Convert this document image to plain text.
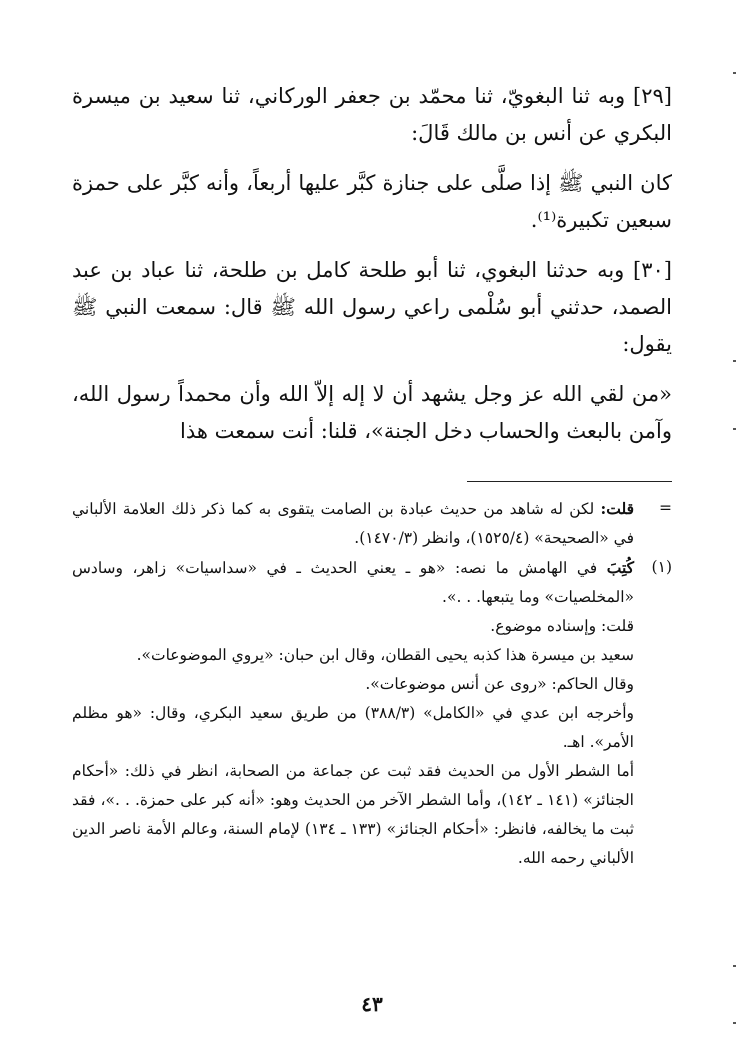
[٢٩] وبه ثنا البغويّ، ثنا محمّد بن جعفر الوركاني، ثنا سعيد بن ميسرة البكري عن أنس بن مالك قَالَ:

كان النبي ﷺ إذا صلَّى على جنازة كبَّر عليها أربعاً، وأنه كبَّر على حمزة سبعين تكبيرة⁽¹⁾.

[٣٠] وبه حدثنا البغوي، ثنا أبو طلحة كامل بن طلحة، ثنا عباد بن عبد الصمد، حدثني أبو سُلْمى راعي رسول الله ﷺ قال: سمعت النبي ﷺ يقول:

«من لقي الله عز وجل يشهد أن لا إله إلاّ الله وأن محمداً رسول الله، وآمن بالبعث والحساب دخل الجنة»، قلنا: أنت سمعت هذا

=

قلت: لكن له شاهد من حديث عبادة بن الصامت يتقوى به كما ذكر ذلك العلامة الألباني في «الصحيحة» (١٥٢٥/٤)، وانظر (١٤٧٠/٣).

(١)

كُتِبَ في الهامش ما نصه: «هو ـ يعني الحديث ـ في «سداسيات» زاهر، وسادس «المخلصيات» وما يتبعها. . .».

قلت: وإسناده موضوع.

سعيد بن ميسرة هذا كذبه يحيى القطان، وقال ابن حبان: «يروي الموضوعات».

وقال الحاكم: «روى عن أنس موضوعات».

وأخرجه ابن عدي في «الكامل» (٣٨٨/٣) من طريق سعيد البكري، وقال: «هو مظلم الأمر». اهـ.

أما الشطر الأول من الحديث فقد ثبت عن جماعة من الصحابة، انظر في ذلك: «أحكام الجنائز» (١٤١ ـ ١٤٢)، وأما الشطر الآخر من الحديث وهو: «أنه كبر على حمزة. . .»، فقد ثبت ما يخالفه، فانظر: «أحكام الجنائز» (١٣٣ ـ ١٣٤) لإمام السنة، وعالم الأمة ناصر الدين الألباني رحمه الله.

٤٣
